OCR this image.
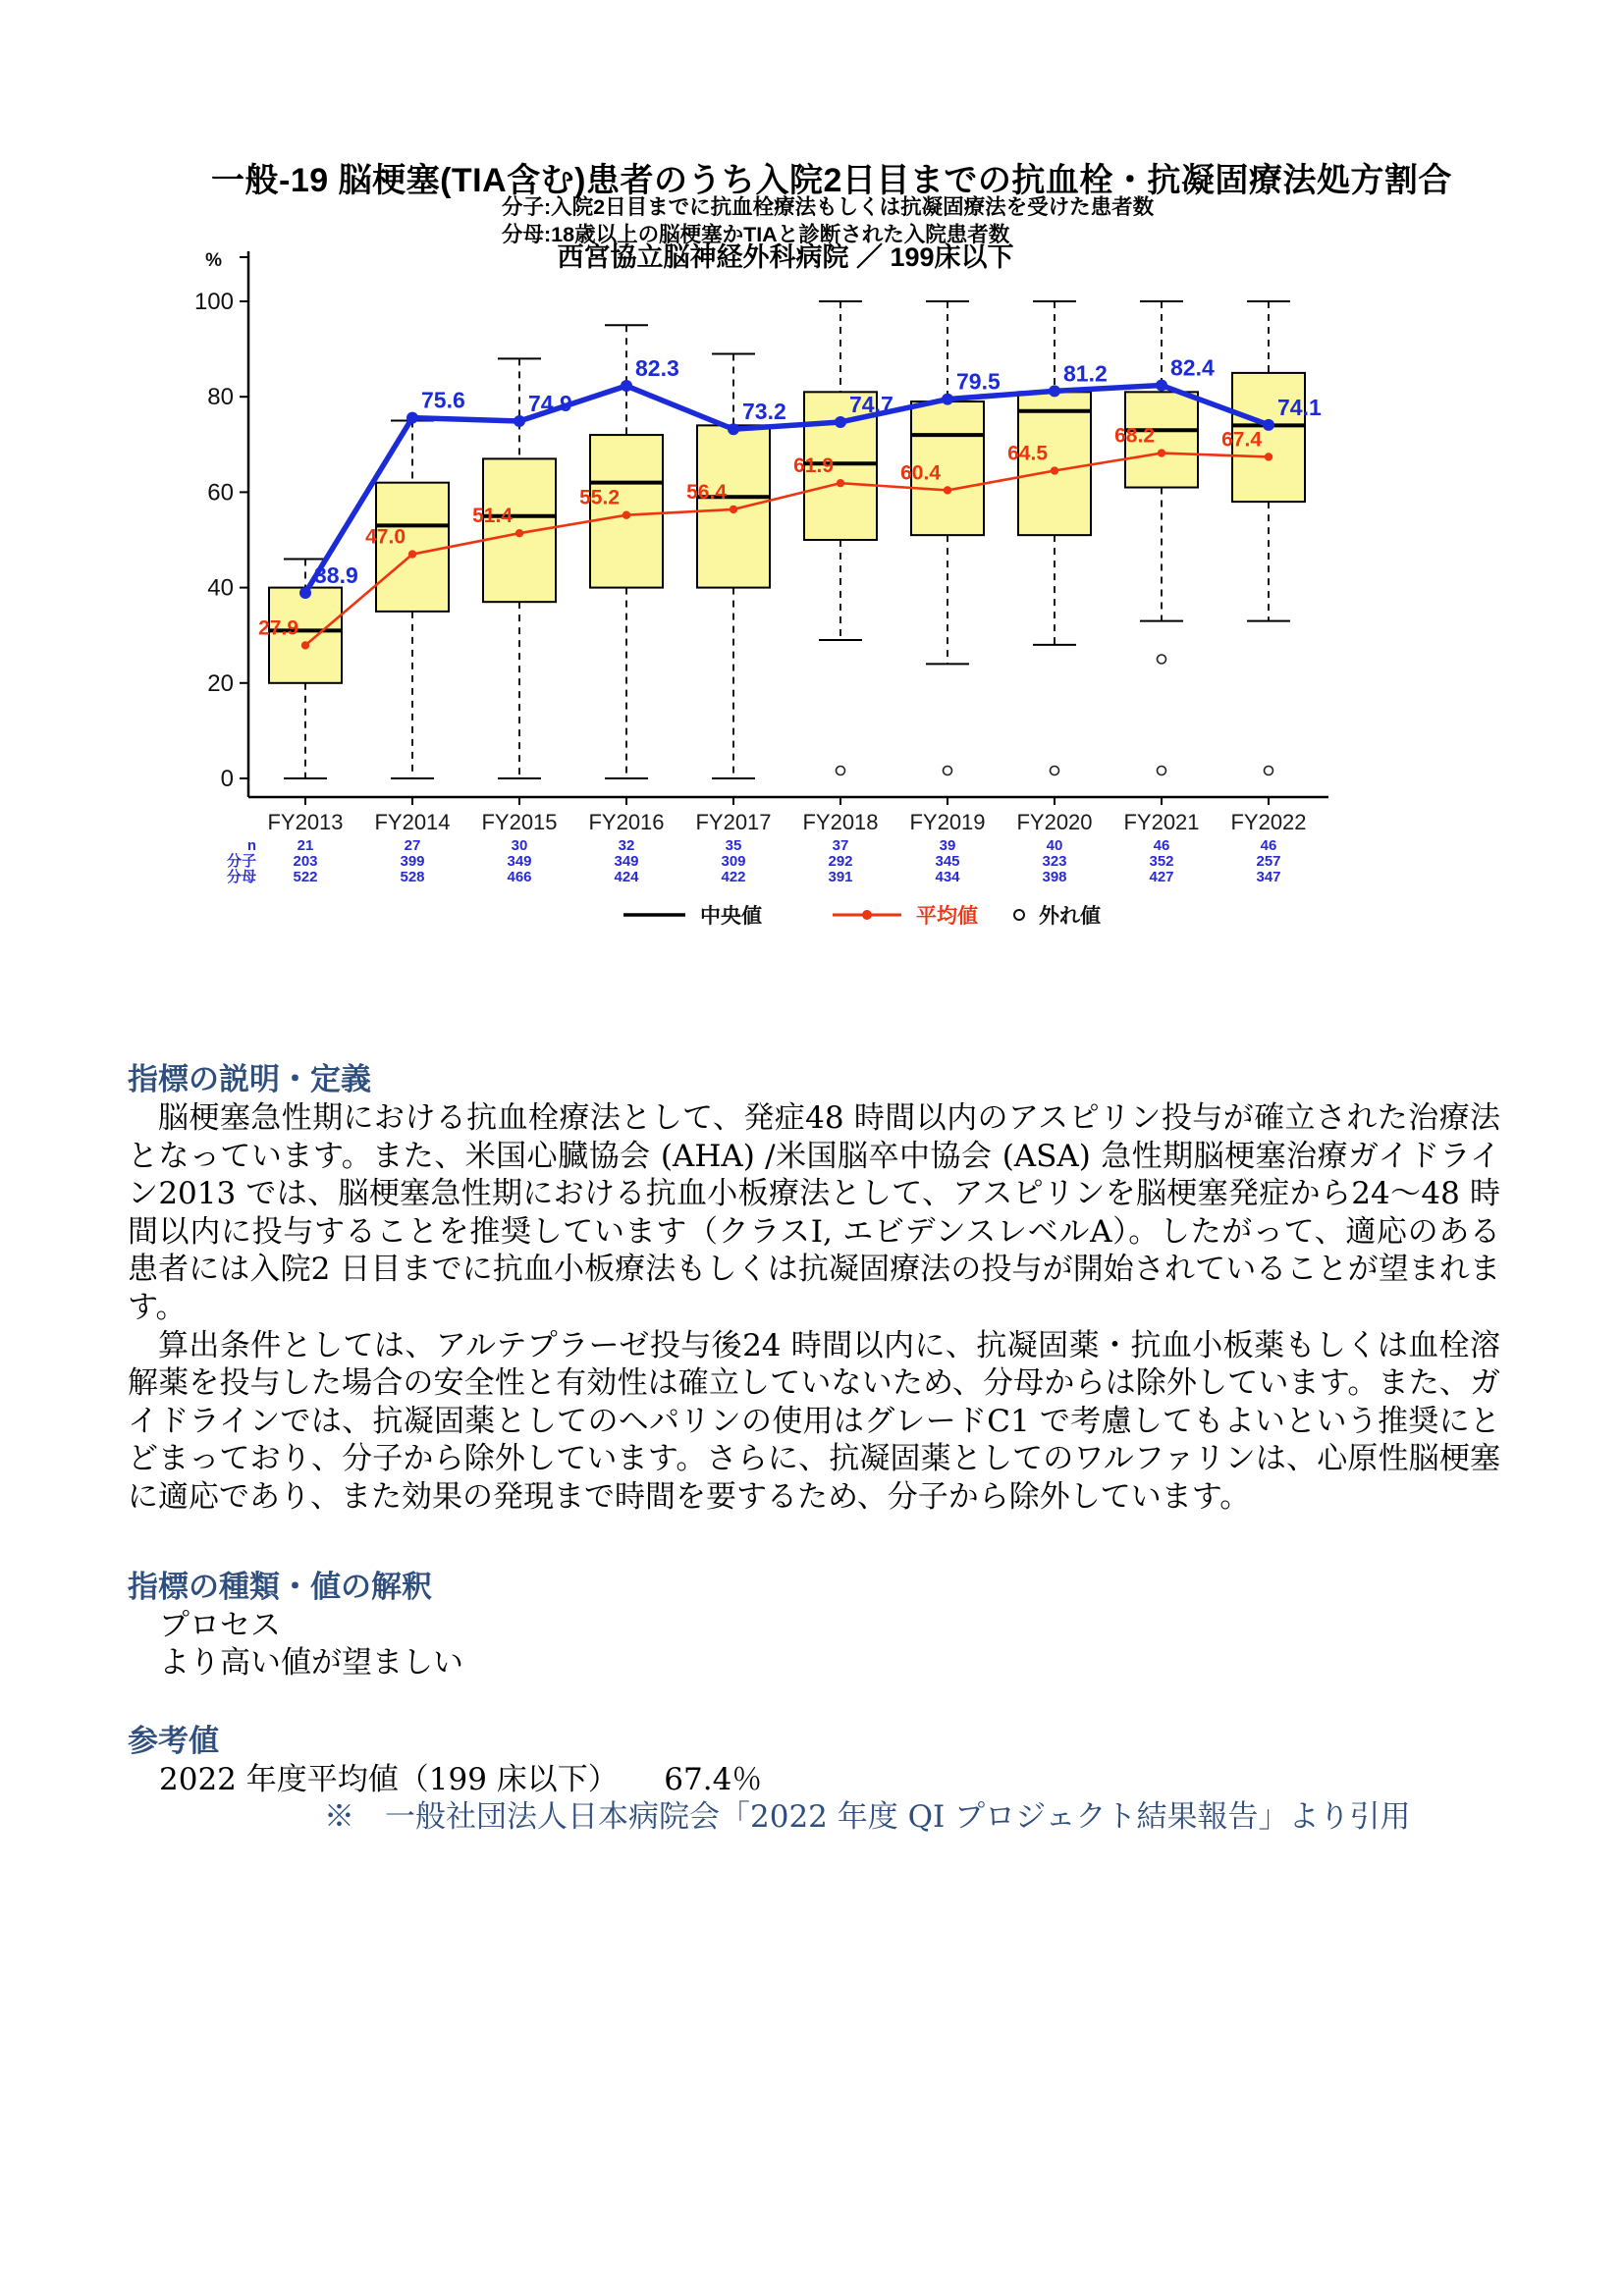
一般-19 脳梗塞(TIA含む)患者のうち入院2日目までの抗血栓・抗凝固療法処方割合
分子:入院2日目までに抗血栓療法もしくは抗凝固療法を受けた患者数
分母:18歳以上の脳梗塞かTIAと診断された入院患者数
西宮協立脳神経外科病院 ／ 199床以下
%
0
20
40
60
80
100
FY2013 FY2014 FY2015 FY2016 FY2017 FY2018 FY2019 FY2020 FY2021 FY2022
27.9
47.0
51.4
55.2	56.4
61.9	60.4
64.5
68.2	67.4
38.9
75.6	74.9
82.3
73.2	74.7
79.5	81.2	82.4
74.1
n	21	27	30	32	35	37	39	40	46	46
分子 203	399	349	349	309	292	345	323	352	257
分母 522	528	466	424	422	391	434	398	427	347
中央値	平均値	外れ値
指標の説明・定義

脳梗塞急性期における抗血栓療法として、発症48 時間以内のアスピリン投与が確立された治療法となっています。また、米国心臓協会 (AHA) /米国脳卒中協会 (ASA) 急性期脳梗塞治療ガイドライン2013 では、脳梗塞急性期における抗血小板療法として、アスピリンを脳梗塞発症から24～48 時間以内に投与することを推奨しています（クラスI, エビデンスレベルA）。したがって、適応のある患者には入院2 日目までに抗血小板療法もしくは抗凝固療法の投与が開始されていることが望まれます。

算出条件としては、アルテプラーゼ投与後24 時間以内に、抗凝固薬・抗血小板薬もしくは血栓溶解薬を投与した場合の安全性と有効性は確立していないため、分母からは除外しています。また、ガイドラインでは、抗凝固薬としてのヘパリンの使用はグレードC1 で考慮してもよいという推奨にとどまっており、分子から除外しています。さらに、抗凝固薬としてのワルファリンは、心原性脳梗塞に適応であり、また効果の発現まで時間を要するため、分子から除外しています。

指標の種類・値の解釈
プロセス
より高い値が望ましい
参考値
2022 年度平均値（199 床以下）　　67.4％
※　一般社団法人日本病院会「2022 年度 QI プロジェクト結果報告」より引用
